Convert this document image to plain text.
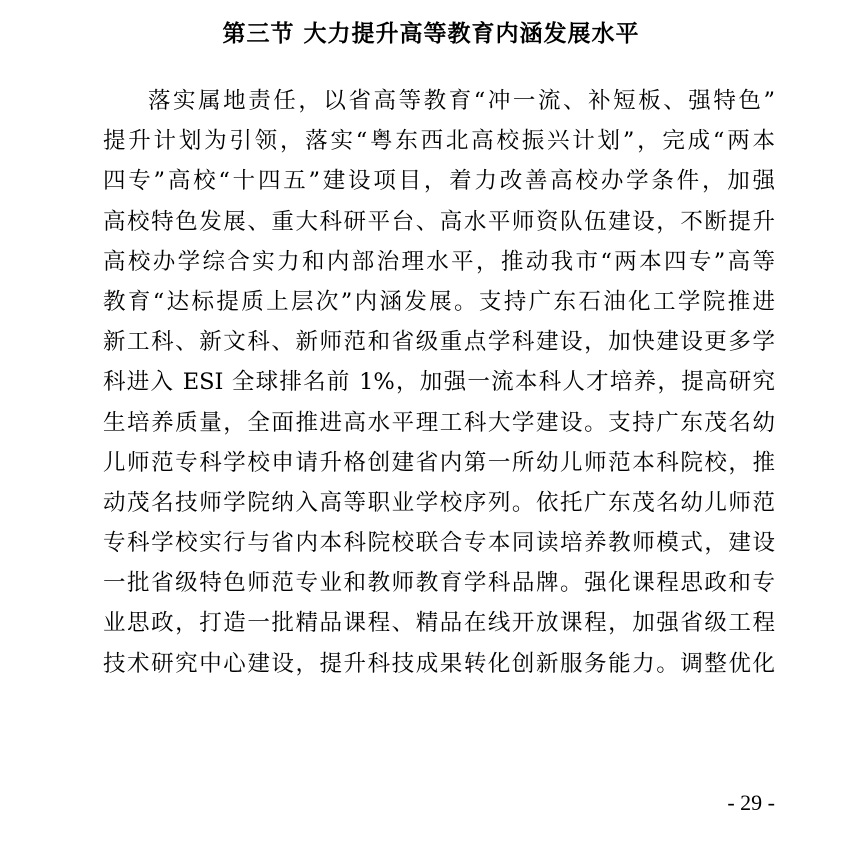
第三节 大力提升高等教育内涵发展水平
落实属地责任，以省高等教育“冲一流、补短板、强特色”
提升计划为引领，落实“粤东西北高校振兴计划”，完成“两本
四专”高校“十四五”建设项目，着力改善高校办学条件，加强
高校特色发展、重大科研平台、高水平师资队伍建设，不断提升
高校办学综合实力和内部治理水平，推动我市“两本四专”高等
教育“达标提质上层次”内涵发展。支持广东石油化工学院推进
新工科、新文科、新师范和省级重点学科建设，加快建设更多学
科进入 ESI 全球排名前 1%，加强一流本科人才培养，提高研究
生培养质量，全面推进高水平理工科大学建设。支持广东茂名幼
儿师范专科学校申请升格创建省内第一所幼儿师范本科院校，推
动茂名技师学院纳入高等职业学校序列。依托广东茂名幼儿师范
专科学校实行与省内本科院校联合专本同读培养教师模式，建设
一批省级特色师范专业和教师教育学科品牌。强化课程思政和专
业思政，打造一批精品课程、精品在线开放课程，加强省级工程
技术研究中心建设，提升科技成果转化创新服务能力。调整优化
- 29 -
